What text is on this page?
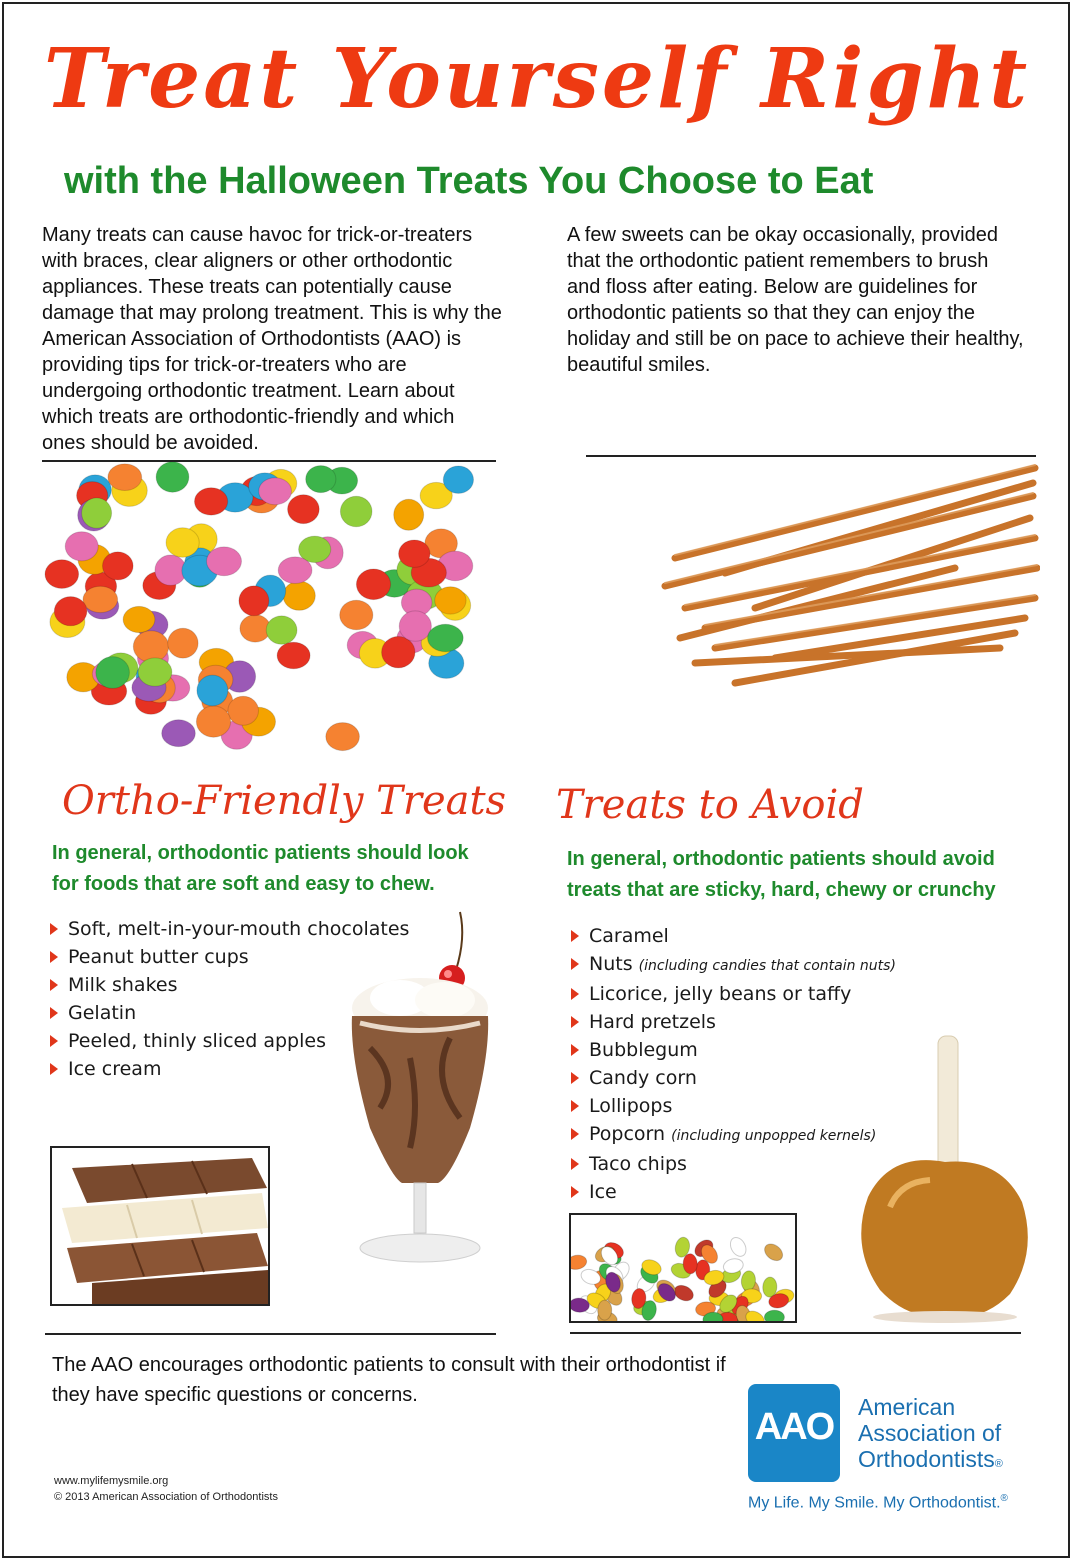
Treat Yourself Right
with the Halloween Treats You Choose to Eat
Many treats can cause havoc for trick-or-treaters with braces, clear aligners or other orthodontic appliances. These treats can potentially cause damage that may prolong treatment. This is why the American Association of Orthodontists (AAO) is providing tips for trick-or-treaters who are undergoing orthodontic treatment. Learn about which treats are orthodontic-friendly and which ones should be avoided.
A few sweets can be okay occasionally, provided that the orthodontic patient remembers to brush and floss after eating. Below are guidelines for orthodontic patients so that they can enjoy the holiday and still be on pace to achieve their healthy, beautiful smiles.
Ortho-Friendly Treats Treats to Avoid
In general, orthodontic patients should look for foods that are soft and easy to chew.
In general, orthodontic patients should avoid treats that are sticky, hard, chewy or crunchy
Soft, melt-in-your-mouth chocolates
Peanut butter cups
Milk shakes
Gelatin
Peeled, thinly sliced apples
Ice cream
Caramel
Nuts (including candies that contain nuts)
Licorice, jelly beans or taffy
Hard pretzels
Bubblegum
Candy corn
Lollipops
Popcorn (including unpopped kernels)
Taco chips
Ice
The AAO encourages orthodontic patients to consult with their orthodontist if they have specific questions or concerns.
www.mylifemysmile.org
© 2013 American Association of Orthodontists
AAO American
Association of
Orthodontists®
My Life. My Smile. My Orthodontist.®
